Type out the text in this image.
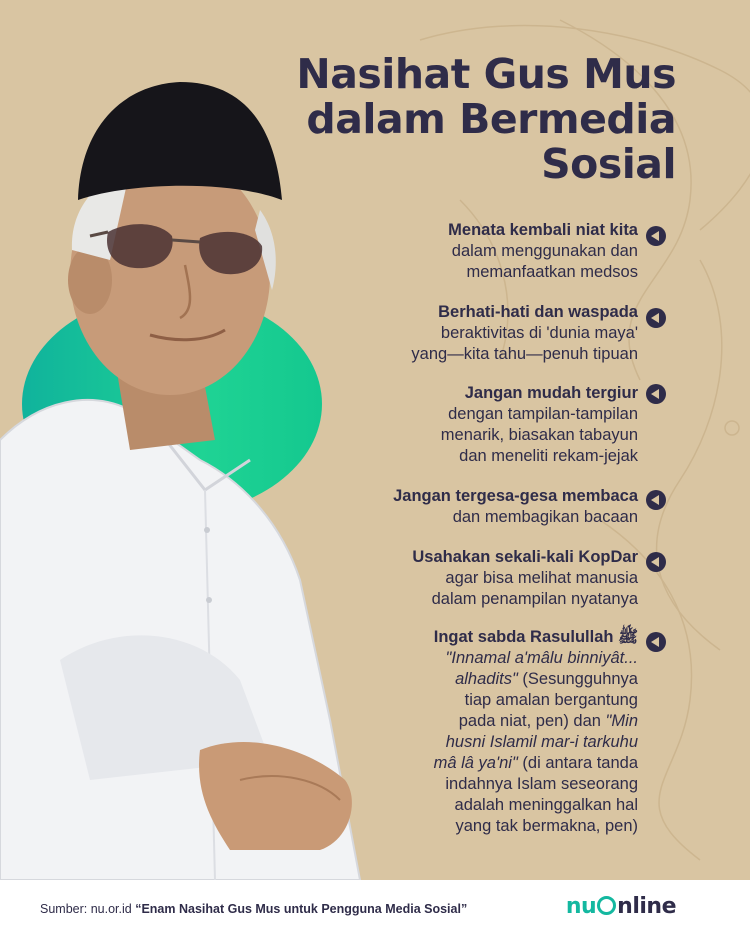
Nasihat Gus Mus
dalam Bermedia
Sosial
Menata kembali niat kita
dalam menggunakan dan
memanfaatkan medsos
Berhati-hati dan waspada
beraktivitas di 'dunia maya'
yang—kita tahu—penuh tipuan
Jangan mudah tergiur
dengan tampilan-tampilan
menarik, biasakan tabayun
dan meneliti rekam-jejak
Jangan tergesa-gesa membaca
dan membagikan bacaan
Usahakan sekali-kali KopDar
agar bisa melihat manusia
dalam penampilan nyatanya
Ingat sabda Rasulullah ﷺ
"Innamal a'mâlu binniyât...
alhadits" (Sesungguhnya
tiap amalan bergantung
pada niat, pen) dan "Min
husni Islamil mar-i tarkuhu
mâ lâ ya'ni" (di antara tanda
indahnya Islam seseorang
adalah meninggalkan hal
yang tak bermakna, pen)
Sumber: nu.or.id “Enam Nasihat Gus Mus untuk Pengguna Media Sosial”	nu nline
